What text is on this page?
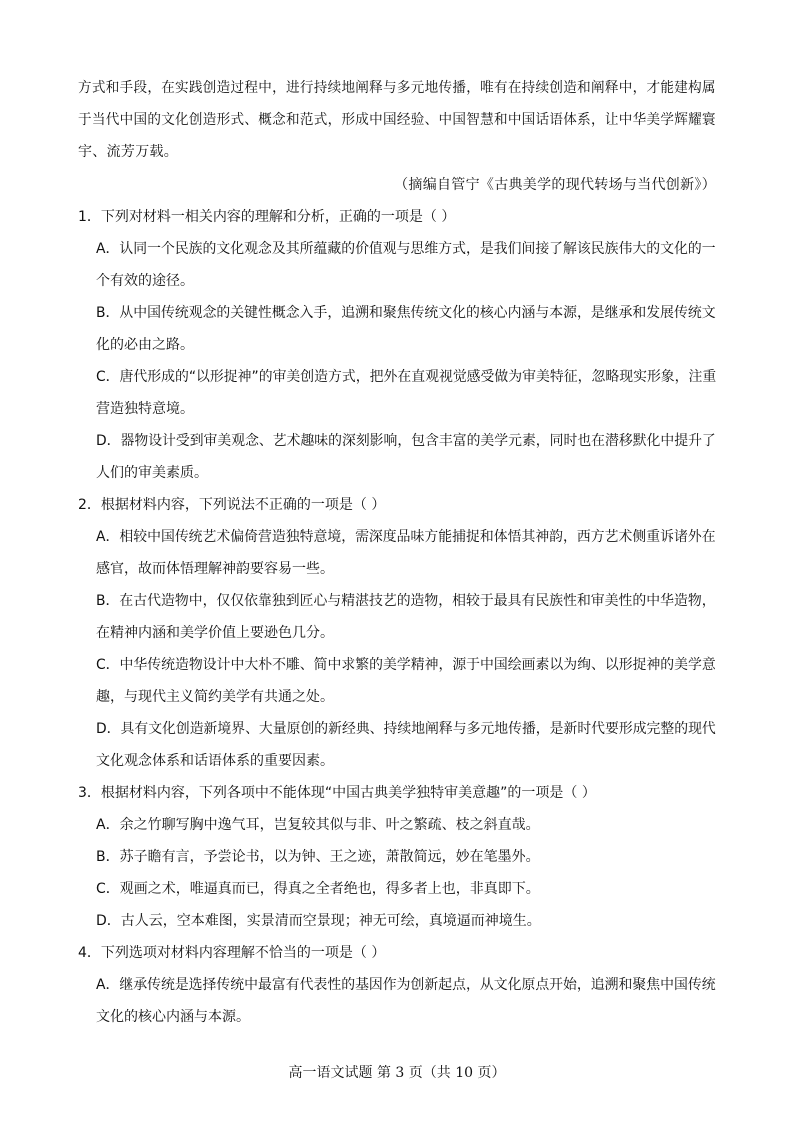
方式和手段，在实践创造过程中，进行持续地阐释与多元地传播，唯有在持续创造和阐释中，才能建构属
于当代中国的文化创造形式、概念和范式，形成中国经验、中国智慧和中国话语体系，让中华美学辉耀寰
宇、流芳万载。
（摘编自管宁《古典美学的现代转场与当代创新》）
1．下列对材料一相关内容的理解和分析，正确的一项是（ ）
A．认同一个民族的文化观念及其所蕴藏的价值观与思维方式，是我们间接了解该民族伟大的文化的一
个有效的途径。
B．从中国传统观念的关键性概念入手，追溯和聚焦传统文化的核心内涵与本源，是继承和发展传统文
化的必由之路。
C．唐代形成的“以形捉神”的审美创造方式，把外在直观视觉感受做为审美特征，忽略现实形象，注重
营造独特意境。
D．器物设计受到审美观念、艺术趣味的深刻影响，包含丰富的美学元素，同时也在潜移默化中提升了
人们的审美素质。
2．根据材料内容，下列说法不正确的一项是（ ）
A．相较中国传统艺术偏倚营造独特意境，需深度品味方能捕捉和体悟其神韵，西方艺术侧重诉诸外在
感官，故而体悟理解神韵要容易一些。
B．在古代造物中，仅仅依靠独到匠心与精湛技艺的造物，相较于最具有民族性和审美性的中华造物，
在精神内涵和美学价值上要逊色几分。
C．中华传统造物设计中大朴不雕、简中求繁的美学精神，源于中国绘画素以为绚、以形捉神的美学意
趣，与现代主义简约美学有共通之处。
D．具有文化创造新境界、大量原创的新经典、持续地阐释与多元地传播，是新时代要形成完整的现代
文化观念体系和话语体系的重要因素。
3．根据材料内容，下列各项中不能体现“中国古典美学独特审美意趣”的一项是（ ）
A．余之竹聊写胸中逸气耳，岂复较其似与非、叶之繁疏、枝之斜直哉。
B．苏子瞻有言，予尝论书，以为钟、王之迹，萧散简远，妙在笔墨外。
C．观画之术，唯逼真而已，得真之全者绝也，得多者上也，非真即下。
D．古人云，空本难图，实景清而空景现；神无可绘，真境逼而神境生。
4．下列选项对材料内容理解不恰当的一项是（ ）
A．继承传统是选择传统中最富有代表性的基因作为创新起点，从文化原点开始，追溯和聚焦中国传统
文化的核心内涵与本源。
高一语文试题 第 3 页（共 10 页）
